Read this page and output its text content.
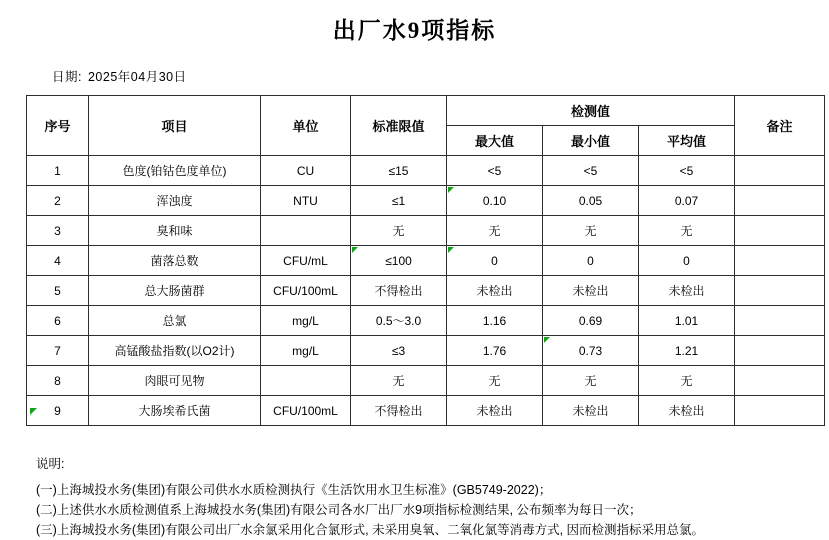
出厂水9项指标
日期: 2025年04月30日
序号	项目	单位	标准限值	检测值			备注
				最大值	最小值	平均值	
1	色度(铂钴色度单位)	CU	≤15	<5	<5	<5	
2	浑浊度	NTU	≤1	0.10	0.05	0.07	
3	臭和味		无	无	无	无	
4	菌落总数	CFU/mL	≤100	0	0	0	
5	总大肠菌群	CFU/100mL	不得检出	未检出	未检出	未检出	
6	总氯	mg/L	0.5～3.0	1.16	0.69	1.01	
7	高锰酸盐指数(以O2计)	mg/L	≤3	1.76	0.73	1.21	
8	肉眼可见物		无	无	无	无	
9	大肠埃希氏菌	CFU/100mL	不得检出	未检出	未检出	未检出	
说明:
(一)上海城投水务(集团)有限公司供水水质检测执行《生活饮用水卫生标准》(GB5749-2022)；
(二)上述供水水质检测值系上海城投水务(集团)有限公司各水厂出厂水9项指标检测结果, 公布频率为每日一次；
(三)上海城投水务(集团)有限公司出厂水余氯采用化合氯形式, 未采用臭氧、二氧化氯等消毒方式, 因而检测指标采用总氯。
